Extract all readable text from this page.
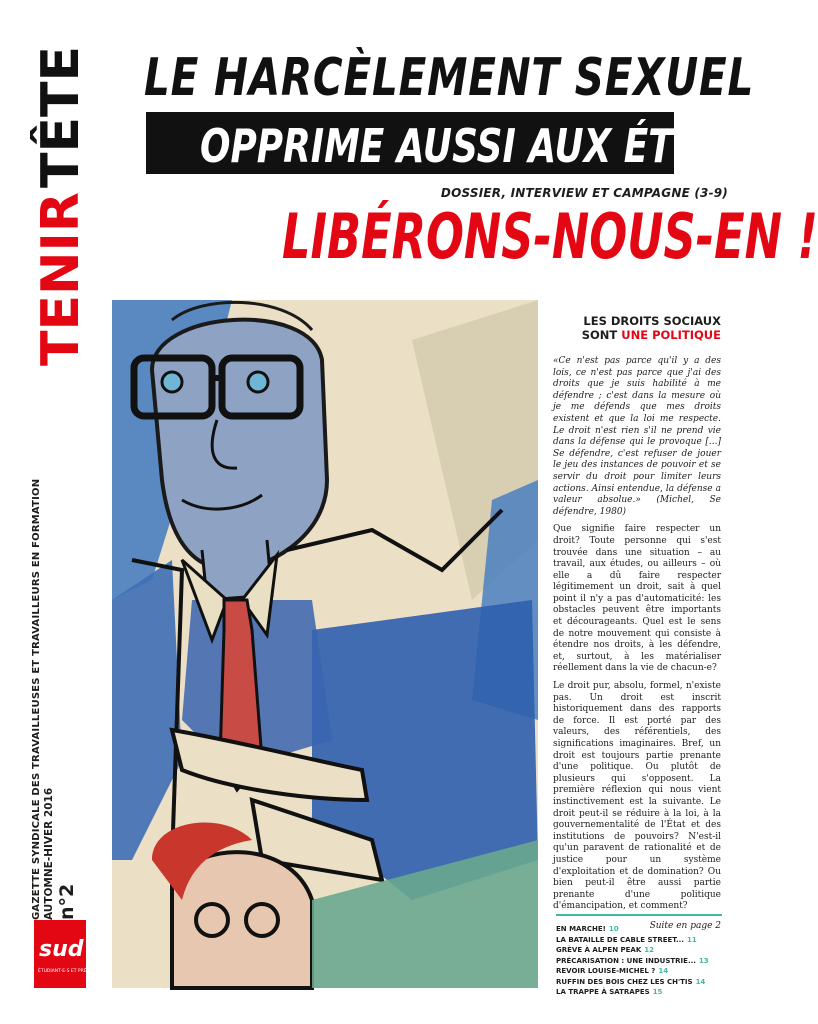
TENIR
TÊTE
GAZETTE SYNDICALE DES TRAVAILLEUSES ET TRAVAILLEURS EN FORMATION AUTOMNE-HIVER 2016 n°2
sud
ÉTUDIANT·E·S ET PRÉCAIRES
LE HARCÈLEMENT SEXUEL
OPPRIME AUSSI AUX ÉTUDES
DOSSIER, INTERVIEW ET CAMPAGNE (3-9)
LIBÉRONS-NOUS-EN !
LES DROITS SOCIAUX
SONT UNE POLITIQUE

«Ce n'est pas parce qu'il y a des lois, ce n'est pas parce que j'ai des droits que je suis habilité à me défendre ; c'est dans la mesure où je me défends que mes droits existent et que la loi me respecte. Le droit n'est rien s'il ne prend vie dans la défense qui le provoque [...] Se défendre, c'est refuser de jouer le jeu des instances de pouvoir et se servir du droit pour limiter leurs actions. Ainsi entendue, la défense a valeur absolue.» (Michel, Se défendre, 1980)

Que signifie faire respecter un droit? Toute personne qui s'est trouvée dans une situation – au travail, aux études, ou ailleurs – où elle a dû faire respecter légitimement un droit, sait à quel point il n'y a pas d'automaticité: les obstacles peuvent être importants et décourageants. Quel est le sens de notre mouvement qui consiste à étendre nos droits, à les défendre, et, surtout, à les matérialiser réellement dans la vie de chacun-e?

Le droit pur, absolu, formel, n'existe pas. Un droit est inscrit historiquement dans des rapports de force. Il est porté par des valeurs, des référentiels, des significations imaginaires. Bref, un droit est toujours partie prenante d'une politique. Ou plutôt de plusieurs qui s'opposent. La première réflexion qui nous vient instinctivement est la suivante. Le droit peut-il se réduire à la loi, à la gouvernementalité de l'État et des institutions de pouvoirs? N'est-il qu'un paravent de rationalité et de justice pour un système d'exploitation et de domination? Ou bien peut-il être aussi partie prenante d'une politique d'émancipation, et comment?

Suite en page 2
EN MARCHE! 10
LA BATAILLE DE CABLE STREET... 11
GRÈVE À ALPEN PEAK 12
PRÉCARISATION : UNE INDUSTRIE... 13
REVOIR LOUISE-MICHEL ? 14
RUFFIN DES BOIS CHEZ LES CH'TIS 14
LA TRAPPE À SATRAPES 15
